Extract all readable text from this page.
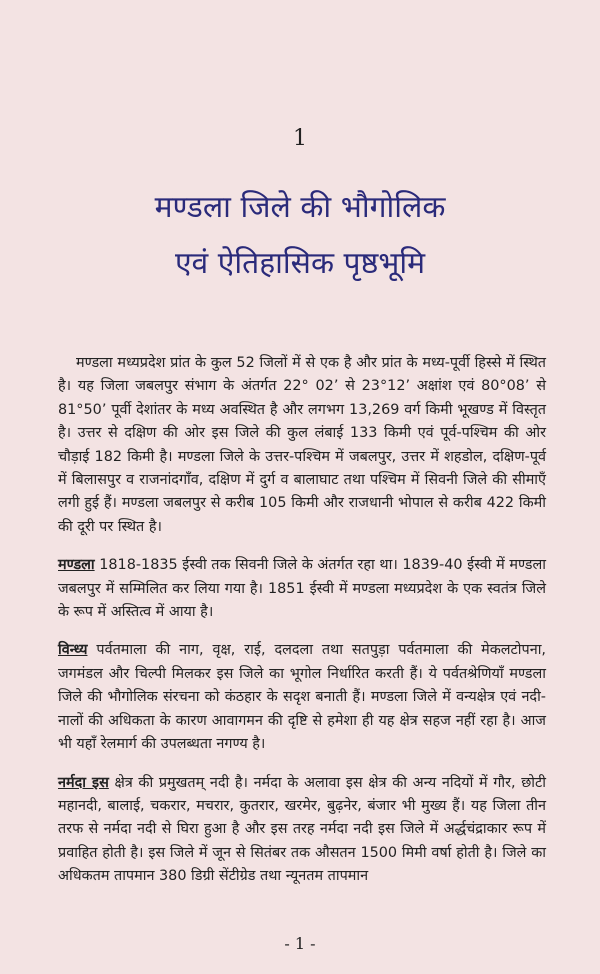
1
मण्डला जिले की भौगोलिक
एवं ऐतिहासिक पृष्ठभूमि

मण्डला मध्यप्रदेश प्रांत के कुल 52 जिलों में से एक है और प्रांत के मध्य-पूर्वी हिस्से में स्थित है। यह जिला जबलपुर संभाग के अंतर्गत 22° 02’ से 23°12’ अक्षांश एवं 80°08’ से 81°50’ पूर्वी देशांतर के मध्य अवस्थित है और लगभग 13,269 वर्ग किमी भूखण्ड में विस्तृत है। उत्तर से दक्षिण की ओर इस जिले की कुल लंबाई 133 किमी एवं पूर्व-पश्चिम की ओर चौड़ाई 182 किमी है। मण्डला जिले के उत्तर-पश्चिम में जबलपुर, उत्तर में शहडोल, दक्षिण-पूर्व में बिलासपुर व राजनांदगाँव, दक्षिण में दुर्ग व बालाघाट तथा पश्चिम में सिवनी जिले की सीमाएँ लगी हुई हैं। मण्डला जबलपुर से करीब 105 किमी और राजधानी भोपाल से करीब 422 किमी की दूरी पर स्थित है।

मण्डला 1818-1835 ईस्वी तक सिवनी जिले के अंतर्गत रहा था। 1839-40 ईस्वी में मण्डला जबलपुर में सम्मिलित कर लिया गया है। 1851 ईस्वी में मण्डला मध्यप्रदेश के एक स्वतंत्र जिले के रूप में अस्तित्व में आया है।

विन्ध्य पर्वतमाला की नाग, वृक्ष, राई, दलदला तथा सतपुड़ा पर्वतमाला की मेकलटोपना, जगमंडल और चिल्पी मिलकर इस जिले का भूगोल निर्धारित करती हैं। ये पर्वतश्रेणियाँ मण्डला जिले की भौगोलिक संरचना को कंठहार के सदृश बनाती हैं। मण्डला जिले में वन्यक्षेत्र एवं नदी-नालों की अधिकता के कारण आवागमन की दृष्टि से हमेशा ही यह क्षेत्र सहज नहीं रहा है। आज भी यहाँ रेलमार्ग की उपलब्धता नगण्य है।

नर्मदा इस क्षेत्र की प्रमुखतम् नदी है। नर्मदा के अलावा इस क्षेत्र की अन्य नदियों में गौर, छोटी महानदी, बालाई, चकरार, मचरार, कुतरार, खरमेर, बुढ़नेर, बंजार भी मुख्य हैं। यह जिला तीन तरफ से नर्मदा नदी से घिरा हुआ है और इस तरह नर्मदा नदी इस जिले में अर्द्धचंद्राकार रूप में प्रवाहित होती है। इस जिले में जून से सितंबर तक औसतन 1500 मिमी वर्षा होती है। जिले का अधिकतम तापमान 380 डिग्री सेंटीग्रेड तथा न्यूनतम तापमान

- 1 -
